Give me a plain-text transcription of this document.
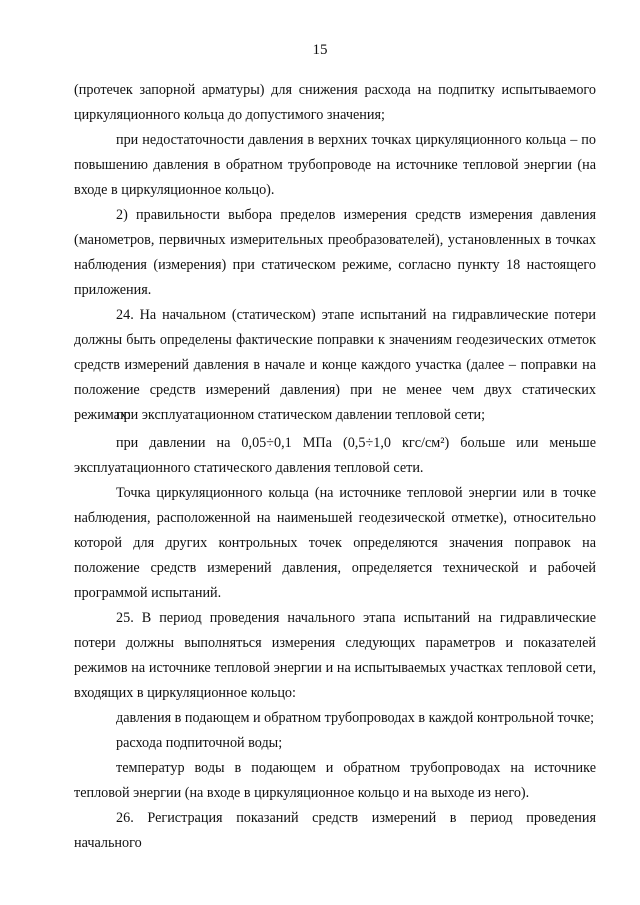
15

(протечек запорной арматуры) для снижения расхода на подпитку испытываемого циркуляционного кольца до допустимого значения;

при недостаточности давления в верхних точках циркуляционного кольца – по повышению давления в обратном трубопроводе на источнике тепловой энергии (на входе в циркуляционное кольцо).

2) правильности выбора пределов измерения средств измерения давления (манометров, первичных измерительных преобразователей), установленных в точках наблюдения (измерения) при статическом режиме, согласно пункту 18 настоящего приложения.

24. На начальном (статическом) этапе испытаний на гидравлические потери должны быть определены фактические поправки к значениям геодезических отметок средств измерений давления в начале и конце каждого участка (далее – поправки на положение средств измерений давления) при не менее чем двух статических режимах:

при эксплуатационном статическом давлении тепловой сети;

при давлении на 0,05÷0,1 МПа (0,5÷1,0 кгс/см²) больше или меньше эксплуатационного статического давления тепловой сети.

Точка циркуляционного кольца (на источнике тепловой энергии или в точке наблюдения, расположенной на наименьшей геодезической отметке), относительно которой для других контрольных точек определяются значения поправок на положение средств измерений давления, определяется технической и рабочей программой испытаний.

25. В период проведения начального этапа испытаний на гидравлические потери должны выполняться измерения следующих параметров и показателей режимов на источнике тепловой энергии и на испытываемых участках тепловой сети, входящих в циркуляционное кольцо:

давления в подающем и обратном трубопроводах в каждой контрольной точке;

расхода подпиточной воды;

температур воды в подающем и обратном трубопроводах на источнике тепловой энергии (на входе в циркуляционное кольцо и на выходе из него).

26. Регистрация показаний средств измерений в период проведения начального
